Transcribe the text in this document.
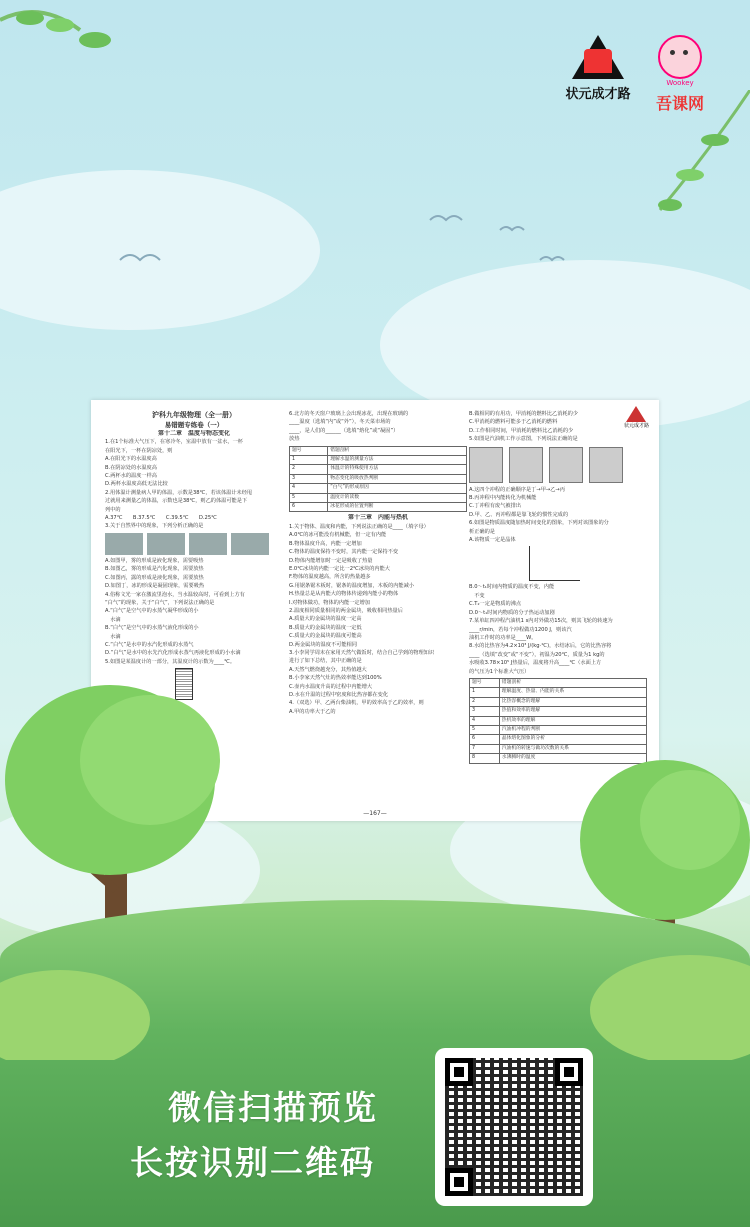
状元成才路
Wookey
吾课网
沪科九年级物理（全一册）
易错题专练卷（一）

第十二章　温度与物态变化

1.在1个标准大气压下，在寒冷冬，室温中放有一盆水，一杯

在阳光下，一杯在阴凉处，则

A.在阳光下的水温度高

B.在阴凉处的水温度高

C.两杯水的温度一样高

D.两杯水温度高低无法比较

2.用体温计测量病人甲的体温，示数是38℃，若该体温计未经甩

过就用来测量乙的体温，示数也是38℃，则乙的体温可能是下

列中的

A.37℃　　B.37.5℃　　C.39.5℃　　D.25℃

3.关于自然界中的现象，下列分析正确的是

A.如图甲，雾的形成是液化现象，需要吸热

B.如图乙，雾的形成是汽化现象，需要放热

C.如图丙，露的形成是液化现象，需要放热

D.如图丁，冰的形成是凝固现象，需要吸热

4.俗称文光一家在激流里泡水，当水温较高时，可看到上方有

“白气”的现象，关于“白气”，下列说法正确的是

A.“白气”是空气中的水蒸气凝华形成的小

　水滴

B.“白气”是空气中的水蒸气液化形成的小

　水滴

C.“白气”是水中的水汽化形成的水蒸气

D.“白气”是水中的水先汽化形成水蒸气再液化形成的小水滴

5.如图是某温度计的一部分，其温度计的示数为____℃。

6.北方的冬天窗户玻璃上会出现冰花，出现在玻璃的

____温度（选填“内”或“外”），冬天菜市场的

____，是人们的______（选填“熔化”或“凝固”）

放热

题号	错题剖析
1	理解水温的测量方法
2	体温计的特殊使用方法
3	物态变化的吸放热判断
4	“白气”的形成原因
5	温度计的读数
6	冰花形成的位置判断

第十三章　内能与热机

1.关于物体、温度和内能，下列说法正确的是____（填字母）

A.0℃的冰可能没有机械能，但一定有内能

B.物体温度升高，内能一定增加

C.物体的温度保持不变时，其内能一定保持不变

D.物体内能增加时一定是吸收了热量

E.0℃冰块的内能一定比一2℃冰块的内能大

F.物体的温度越高，所含的热量越多

G.用锯条锯木板时，锯条的温度增加，木板的内能减小

H.热量总是从内能大的物体传递到内能小的物体

I.对物体做功，物体的内能一定增加

2.温度相同质量相同的两金属块，吸收相同热量后

A.质量大的金属块的温度一定高

B.质量大的金属块的温度一定低

C.质量大的金属块的温度可能高

D.两金属块的温度不可能相同

3.小李同学周末在家用天然气做饭时，结合自己学到的物理知识

进行了如下总结，其中正确的是

A.天然气燃烧越充分，其热值越大

B.小李家天然气灶的热效率能达到100%

C.壶内水温度升高的过程中内能增大

D.水在升温的过程中密度和比热容都在变化

4.（双选）甲、乙两台柴油机，甲的效率高于乙的效率，则

A.甲的功率大于乙的

B.做相同的有用功，甲消耗的燃料比乙消耗的少

C.甲消耗的燃料可能多于乙消耗的燃料

D.工作相同时间，甲消耗的燃料比乙消耗的少

5.如图是汽油机工作示意图，下列说法正确的是

A.这四个冲程的正确顺序是丁→甲→乙→丙

B.丙冲程中内能转化为机械能

C.丁冲程有废气被排出

D.甲、乙、丙冲程都是靠飞轮的惯性完成的

6.如图是物质温度随加热时间变化的图象，下列对该图象的分

析正确的是

A.该物质一定是晶体

B.0～t₁时间内物质的温度不变，内能

　不变

C.T₂一定是物质的沸点

D.0～t₁时间内物质的分子热运动加剧

7.某单缸四冲程汽油机1 s内对外做功15次，则其飞轮的转速为

____r/min，若每个冲程做功1200 J，则该汽

油机工作时的功率是____W。

8.水的比热容为4.2×10³ J/(kg·℃)，水结冰后，它的比热容将

____（选填“改变”或“不变”），初温为20℃，质量为1 kg的

水吸收3.78×10⁵ J热量后，温度将升高____℃（水面上方

的气压为1个标准大气压）

题号	错题剖析
1	理解温度、热量、内能的关系
2	比热容概念的理解
3	热值和效率的理解
4	热机效率的理解
5	汽油机冲程的判断
6	晶体熔化图象的分析
7	汽油机的转速与做功次数的关系
8	水沸腾时的温度
状元成才路
—167—
微信扫描预览
长按识别二维码
